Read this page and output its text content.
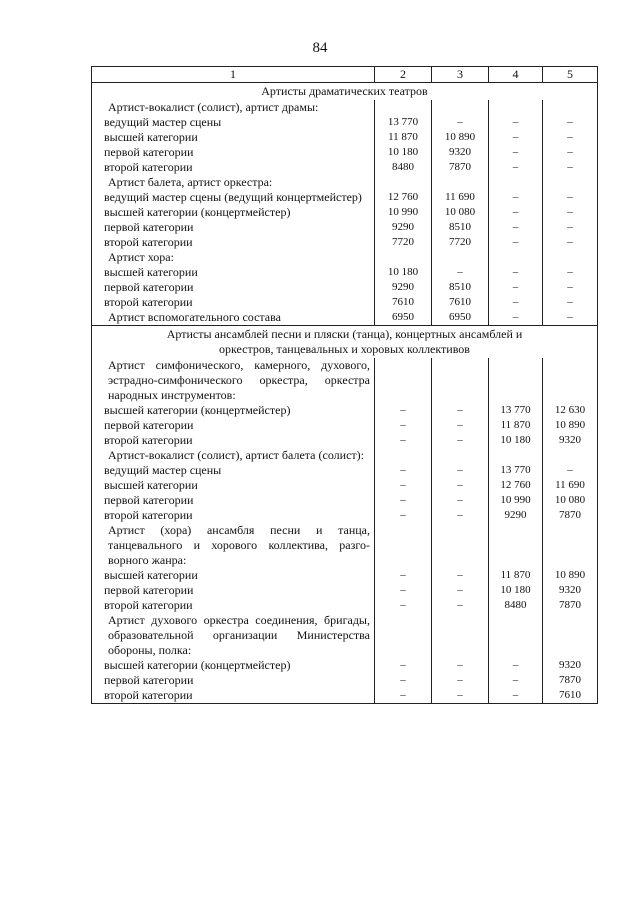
84
1	2	3	4	5
Артисты драматических театров				
Артист-вокалист (солист), артист драмы:				
ведущий мастер сцены	13 770	–	–	–
высшей категории	11 870	10 890	–	–
первой категории	10 180	9320	–	–
второй категории	8480	7870	–	–
Артист балета, артист оркестра:				
ведущий мастер сцены (ведущий концертмейстер)	12 760	11 690	–	–
высшей категории (концертмейстер)	10 990	10 080	–	–
первой категории	9290	8510	–	–
второй категории	7720	7720	–	–
Артист хора:				
высшей категории	10 180	–	–	–
первой категории	9290	8510	–	–
второй категории	7610	7610	–	–
Артист вспомогательного состава	6950	6950	–	–
Артисты ансамблей песни и пляски (танца), концертных ансамблей и оркестров, танцевальных и хоровых коллективов				
Артист симфонического, камерного, духового, эстрадно-симфонического оркестра, оркестра народных инструментов:				
высшей категории (концертмейстер)	–	–	13 770	12 630
первой категории	–	–	11 870	10 890
второй категории	–	–	10 180	9320
Артист-вокалист (солист), артист балета (солист):				
ведущий мастер сцены	–	–	13 770	–
высшей категории	–	–	12 760	11 690
первой категории	–	–	10 990	10 080
второй категории	–	–	9290	7870
Артист (хора) ансамбля песни и танца, танцевального и хорового коллектива, разговорного жанра:				
высшей категории	–	–	11 870	10 890
первой категории	–	–	10 180	9320
второй категории	–	–	8480	7870
Артист духового оркестра соединения, бригады, образовательной организации Министерства обороны, полка:				
высшей категории (концертмейстер)	–	–	–	9320
первой категории	–	–	–	7870
второй категории	–	–	–	7610
